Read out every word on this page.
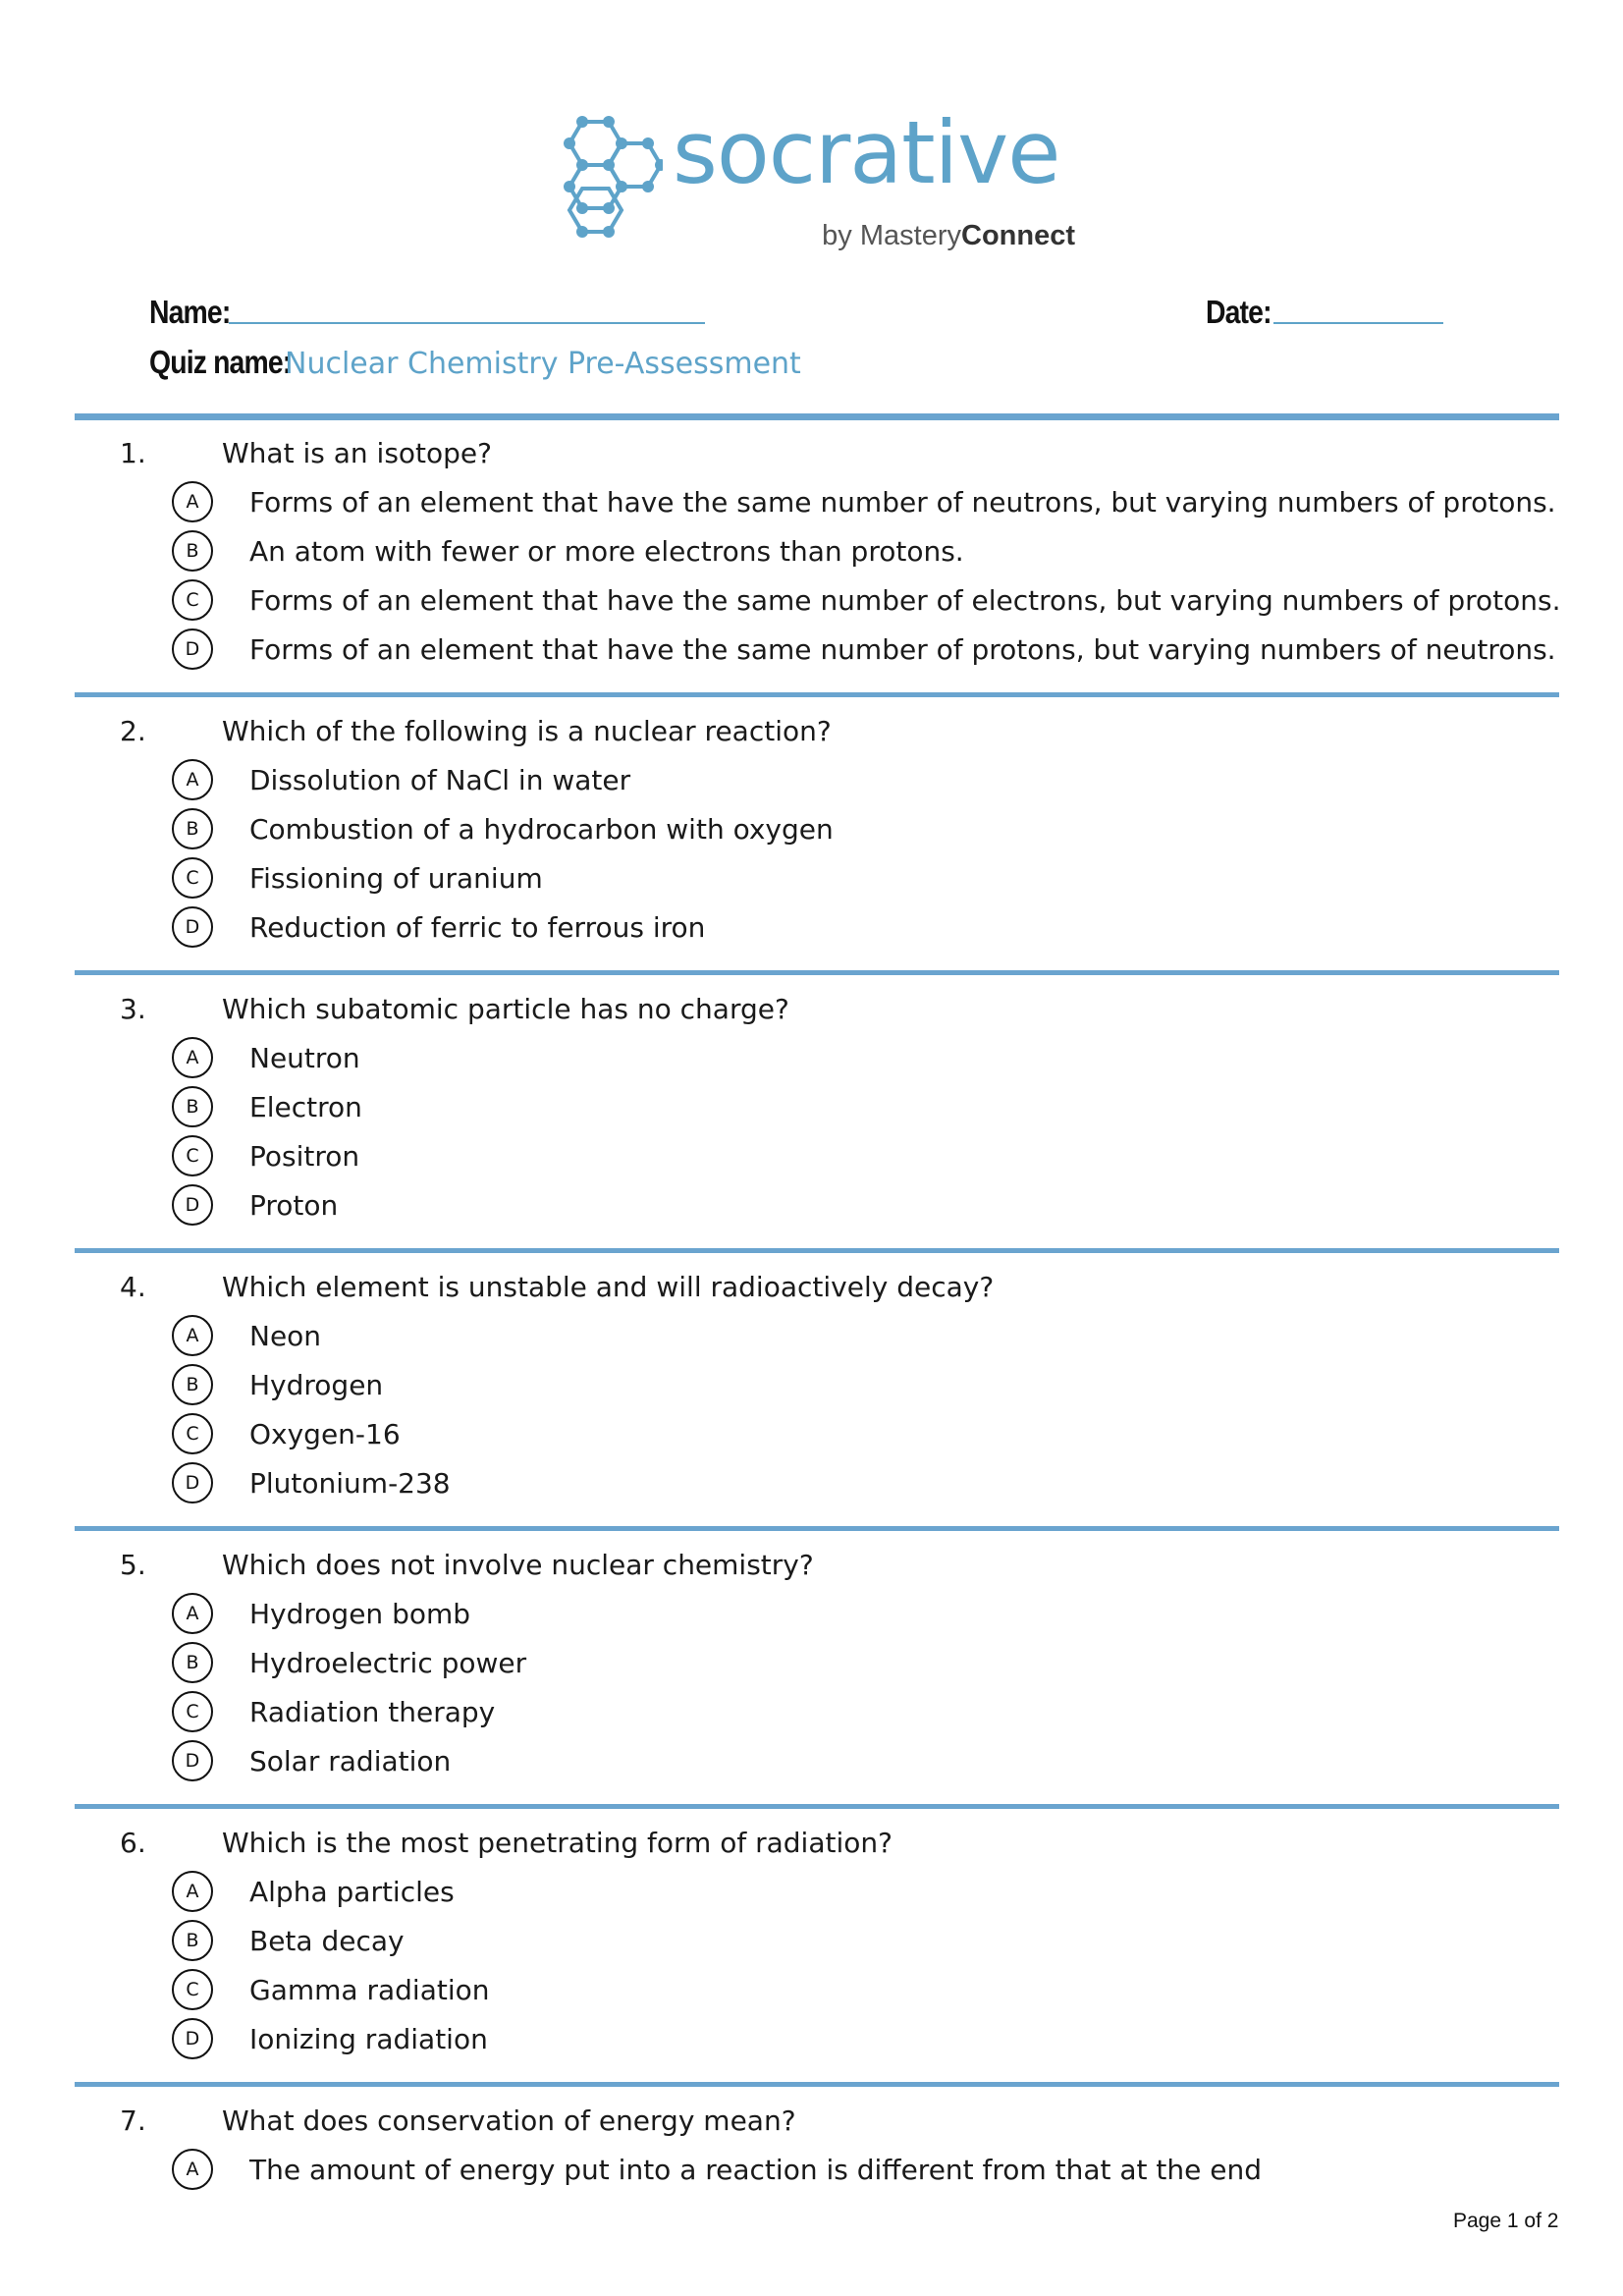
socrative
by MasteryConnect
Name:	Date:
Quiz name:
Nuclear Chemistry Pre-Assessment
1.	What is an isotope?
A	Forms of an element that have the same number of neutrons, but varying numbers of protons.
B	An atom with fewer or more electrons than protons.
C	Forms of an element that have the same number of electrons, but varying numbers of protons.
D	Forms of an element that have the same number of protons, but varying numbers of neutrons.
2.	Which of the following is a nuclear reaction?
A	Dissolution of NaCl in water
B	Combustion of a hydrocarbon with oxygen
C	Fissioning of uranium
D	Reduction of ferric to ferrous iron
3.	Which subatomic particle has no charge?
A	Neutron
B	Electron
C	Positron
D	Proton
4.	Which element is unstable and will radioactively decay?
A	Neon
B	Hydrogen
C	Oxygen-16
D	Plutonium-238
5.	Which does not involve nuclear chemistry?
A	Hydrogen bomb
B	Hydroelectric power
C	Radiation therapy
D	Solar radiation
6.	Which is the most penetrating form of radiation?
A	Alpha particles
B	Beta decay
C	Gamma radiation
D	Ionizing radiation
7.	What does conservation of energy mean?
A	The amount of energy put into a reaction is different from that at the end
Page 1 of 2
